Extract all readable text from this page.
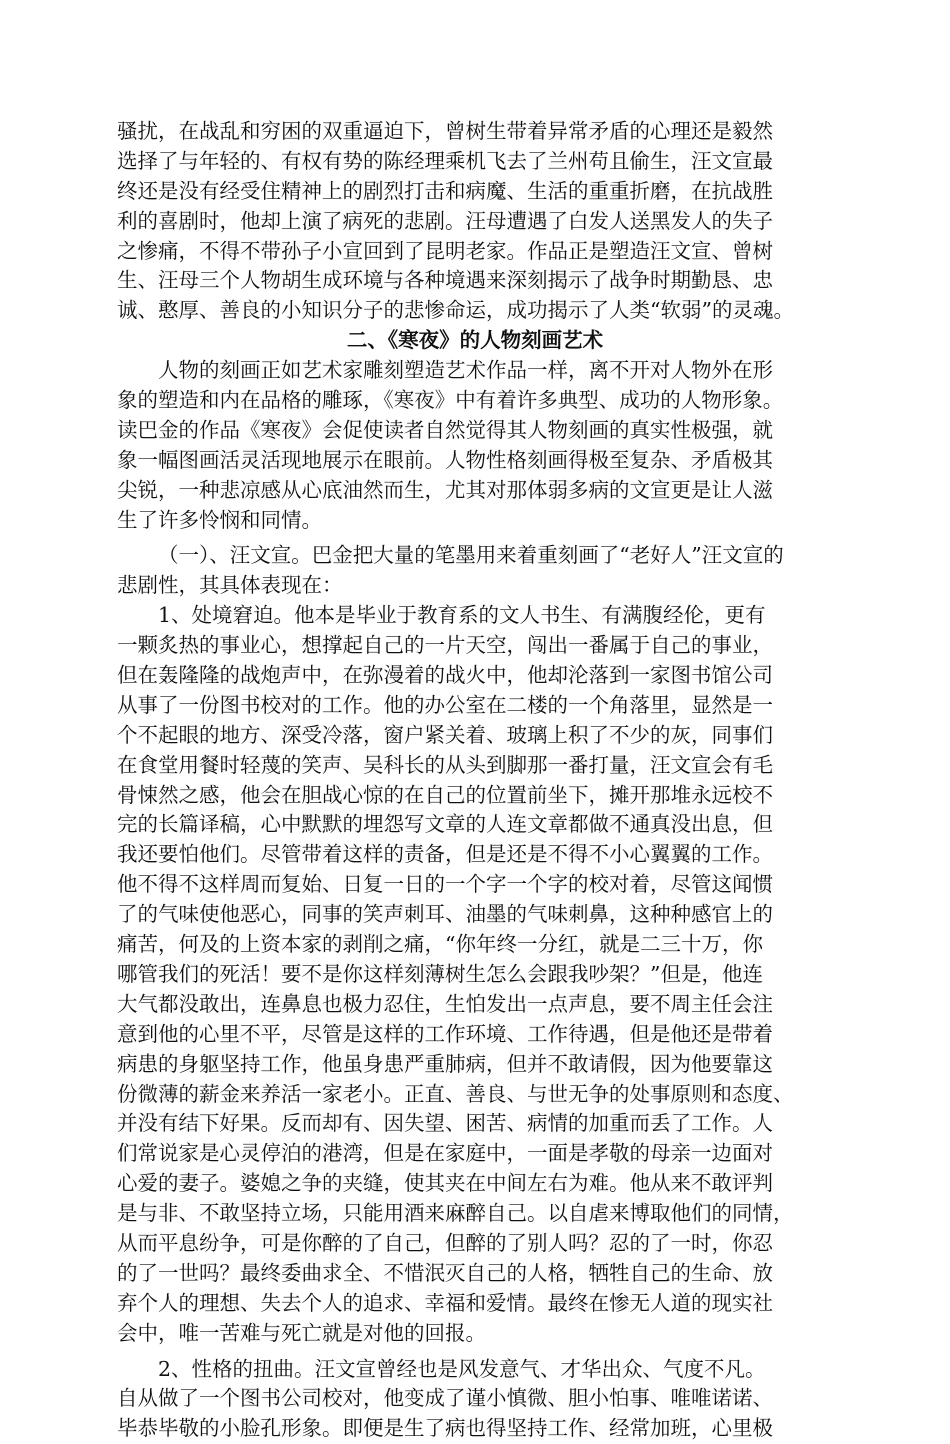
骚扰，在战乱和穷困的双重逼迫下，曾树生带着异常矛盾的心理还是毅然
选择了与年轻的、有权有势的陈经理乘机飞去了兰州苟且偷生，汪文宣最
终还是没有经受住精神上的剧烈打击和病魔、生活的重重折磨，在抗战胜
利的喜剧时，他却上演了病死的悲剧。汪母遭遇了白发人送黑发人的失子
之惨痛，不得不带孙子小宣回到了昆明老家。作品正是塑造汪文宣、曾树
生、汪母三个人物胡生成环境与各种境遇来深刻揭示了战争时期勤恳、忠
诚、憨厚、善良的小知识分子的悲惨命运，成功揭示了人类“软弱”的灵魂。
二、《寒夜》的人物刻画艺术
人物的刻画正如艺术家雕刻塑造艺术作品一样，离不开对人物外在形
象的塑造和内在品格的雕琢，《寒夜》中有着许多典型、成功的人物形象。
读巴金的作品《寒夜》会促使读者自然觉得其人物刻画的真实性极强，就
象一幅图画活灵活现地展示在眼前。人物性格刻画得极至复杂、矛盾极其
尖锐，一种悲凉感从心底油然而生，尤其对那体弱多病的文宣更是让人滋
生了许多怜悯和同情。
（一）、汪文宣。巴金把大量的笔墨用来着重刻画了“老好人”汪文宣的
悲剧性，其具体表现在：
1、处境窘迫。他本是毕业于教育系的文人书生、有满腹经伦，更有
一颗炙热的事业心，想撑起自己的一片天空，闯出一番属于自己的事业，
但在轰隆隆的战炮声中，在弥漫着的战火中，他却沦落到一家图书馆公司
从事了一份图书校对的工作。他的办公室在二楼的一个角落里，显然是一
个不起眼的地方、深受冷落，窗户紧关着、玻璃上积了不少的灰，同事们
在食堂用餐时轻蔑的笑声、吴科长的从头到脚那一番打量，汪文宣会有毛
骨悚然之感，他会在胆战心惊的在自己的位置前坐下，摊开那堆永远校不
完的长篇译稿，心中默默的埋怨写文章的人连文章都做不通真没出息，但
我还要怕他们。尽管带着这样的责备，但是还是不得不小心翼翼的工作。
他不得不这样周而复始、日复一日的一个字一个字的校对着，尽管这闻惯
了的气味使他恶心，同事的笑声刺耳、油墨的气味刺鼻，这种种感官上的
痛苦，何及的上资本家的剥削之痛，“你年终一分红，就是二三十万，你
哪管我们的死活！要不是你这样刻薄树生怎么会跟我吵架？”但是，他连
大气都没敢出，连鼻息也极力忍住，生怕发出一点声息，要不周主任会注
意到他的心里不平，尽管是这样的工作环境、工作待遇，但是他还是带着
病患的身躯坚持工作，他虽身患严重肺病，但并不敢请假，因为他要靠这
份微薄的薪金来养活一家老小。正直、善良、与世无争的处事原则和态度、
并没有结下好果。反而却有、因失望、困苦、病情的加重而丢了工作。人
们常说家是心灵停泊的港湾，但是在家庭中，一面是孝敬的母亲一边面对
心爱的妻子。婆媳之争的夹缝，使其夹在中间左右为难。他从来不敢评判
是与非、不敢坚持立场，只能用酒来麻醉自己。以自虐来博取他们的同情，
从而平息纷争，可是你醉的了自己，但醉的了别人吗？忍的了一时，你忍
的了一世吗？最终委曲求全、不惜泯灭自己的人格，牺牲自己的生命、放
弃个人的理想、失去个人的追求、幸福和爱情。最终在惨无人道的现实社
会中，唯一苦难与死亡就是对他的回报。
2、性格的扭曲。汪文宣曾经也是风发意气、才华出众、气度不凡。
自从做了一个图书公司校对，他变成了谨小慎微、胆小怕事、唯唯诺诺、
毕恭毕敬的小脸孔形象。即便是生了病也得坚持工作、经常加班，心里极
